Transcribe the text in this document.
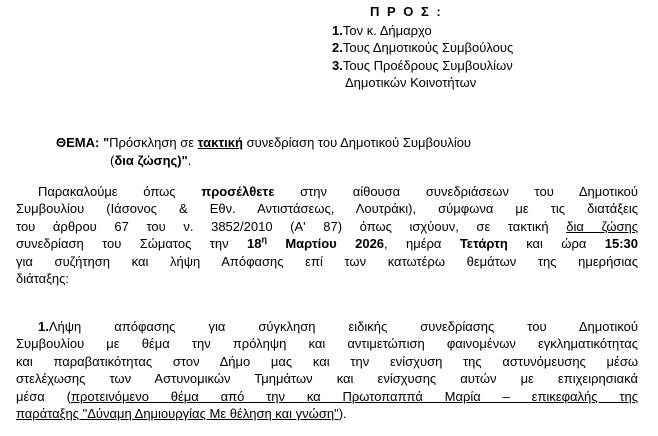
Π Ρ Ο Σ :
1.Τον κ. Δήμαρχο
2.Τους Δημοτικούς Συμβούλους
3.Τους Προέδρους Συμβουλίων
Δημοτικών Κοινοτήτων
ΘΕΜΑ: "Πρόσκληση σε τακτική συνεδρίαση του Δημοτικού Συμβουλίου
(δια ζώσης)".
Παρακαλούμε όπως προσέλθετε στην αίθουσα συνεδριάσεων του Δημοτικού
Συμβουλίου (Ιάσονος & Εθν. Αντιστάσεως, Λουτράκι), σύμφωνα με τις διατάξεις
του άρθρου 67 του ν. 3852/2010 (Α' 87) όπως ισχύουν, σε τακτική δια ζώσης
συνεδρίαση του Σώματος την $18^\eta$ Μαρτίου 2026, ημέρα Τετάρτη και ώρα 15:30
για συζήτηση και λήψη Απόφασης επί των κατωτέρω θεμάτων της ημερήσιας
διάταξης:
1.Λήψη απόφασης για σύγκληση ειδικής συνεδρίασης του Δημοτικού
Συμβουλίου με θέμα την πρόληψη και αντιμετώπιση φαινομένων εγκληματικότητας
και παραβατικότητας στον Δήμο μας και την ενίσχυση της αστυνόμευσης μέσω
στελέχωσης των Αστυνομικών Τμημάτων και ενίσχυσης αυτών με επιχειρησιακά
μέσα (προτεινόμενο θέμα από την κα Πρωτοπαππά Μαρία – επικεφαλής της
παράταξης "Δύναμη Δημιουργίας Με θέληση και γνώση").
